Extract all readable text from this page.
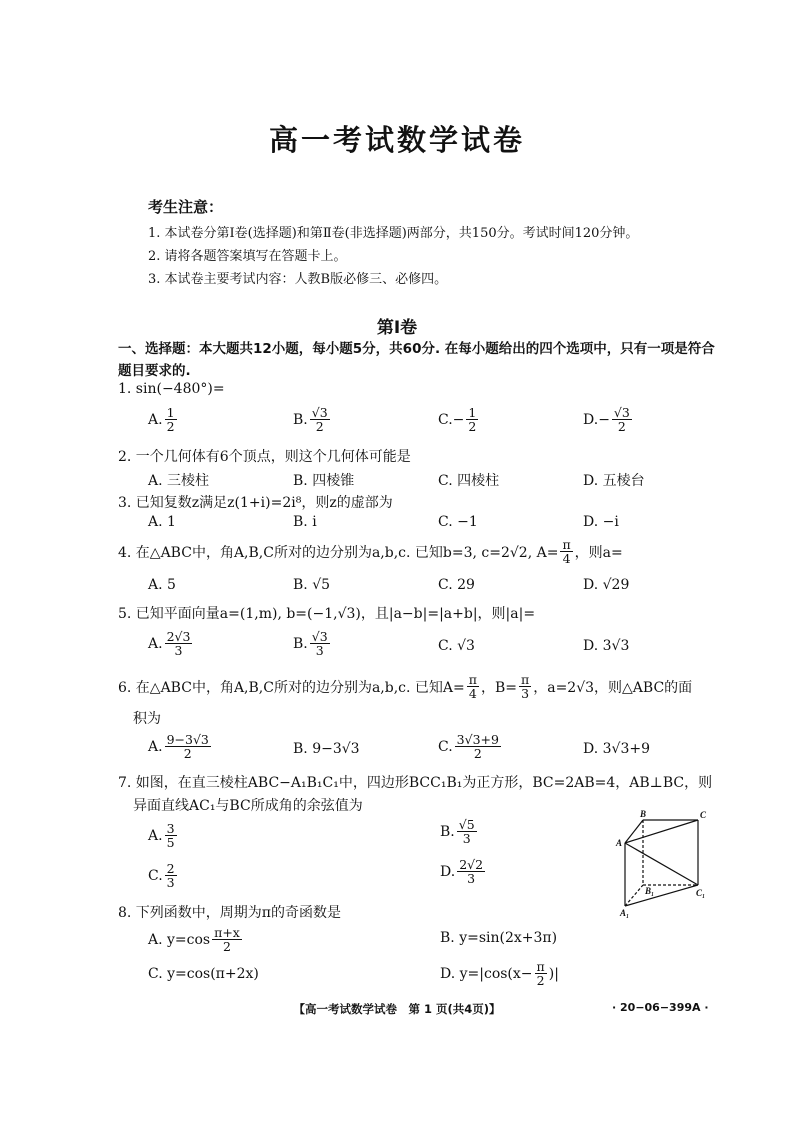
高一考试数学试卷
考生注意：
1. 本试卷分第Ⅰ卷(选择题)和第Ⅱ卷(非选择题)两部分，共150分。考试时间120分钟。
2. 请将各题答案填写在答题卡上。
3. 本试卷主要考试内容：人教B版必修三、必修四。
第Ⅰ卷
一、选择题：本大题共12小题，每小题5分，共60分. 在每小题给出的四个选项中，只有一项是符合题目要求的.
1. sin(−480°)=
A. $\frac{1}{2}$	B. $\frac{√3}{2}$	C. − $\frac{1}{2}$	D. − $\frac{√3}{2}$
2. 一个几何体有6个顶点，则这个几何体可能是
A. 三棱柱	B. 四棱锥	C. 四棱柱	D. 五棱台
3. 已知复数z满足z(1+i)=2i⁸，则z的虚部为
A. 1	B. i	C. −1	D. −i
4. 在△ABC中，角A,B,C所对的边分别为a,b,c. 已知b=3, c=2√2, $A= \frac{\pi}{4}$ ，则a=
A. 5	B. √5	C. 29	D. √29
5. 已知平面向量a=(1,m), b=(−1,√3)，且|a−b|=|a+b|，则|a|=
A. $\frac{2√3}{3}$	B. $\frac{√3}{3}$	C. √3	D. 3√3
6. 在△ABC中，角A,B,C所对的边分别为a,b,c. 已知$A= \frac{\pi}{4}$ ，$B= \frac{\pi}{3}$ ，a=2√3，则△ABC的面
积为
A. $\frac{9-3√3}{2}$	B. 9−3√3	C. $\frac{3√3+9}{2}$	D. 3√3+9
7. 如图，在直三棱柱ABC−A₁B₁C₁中，四边形BCC₁B₁为正方形，BC=2AB=4，AB⊥BC，则
异面直线AC₁与BC所成角的余弦值为
A. $\frac{3}{5}$	B. $\frac{√5}{3}$
C. $\frac{2}{3}$	D. $\frac{2√2}{3}$
B	C
A
B₁	C₁
A₁
8. 下列函数中，周期为π的奇函数是
A. $y=\cos \frac{\pi+x}{2}$	B. y=sin(2x+3π)
C. y=cos(π+2x)	D. $y=|\cos(x- \frac{\pi}{2}$ )|
【高一考试数学试卷　第 1 页(共4页)】	· 20−06−399A ·
